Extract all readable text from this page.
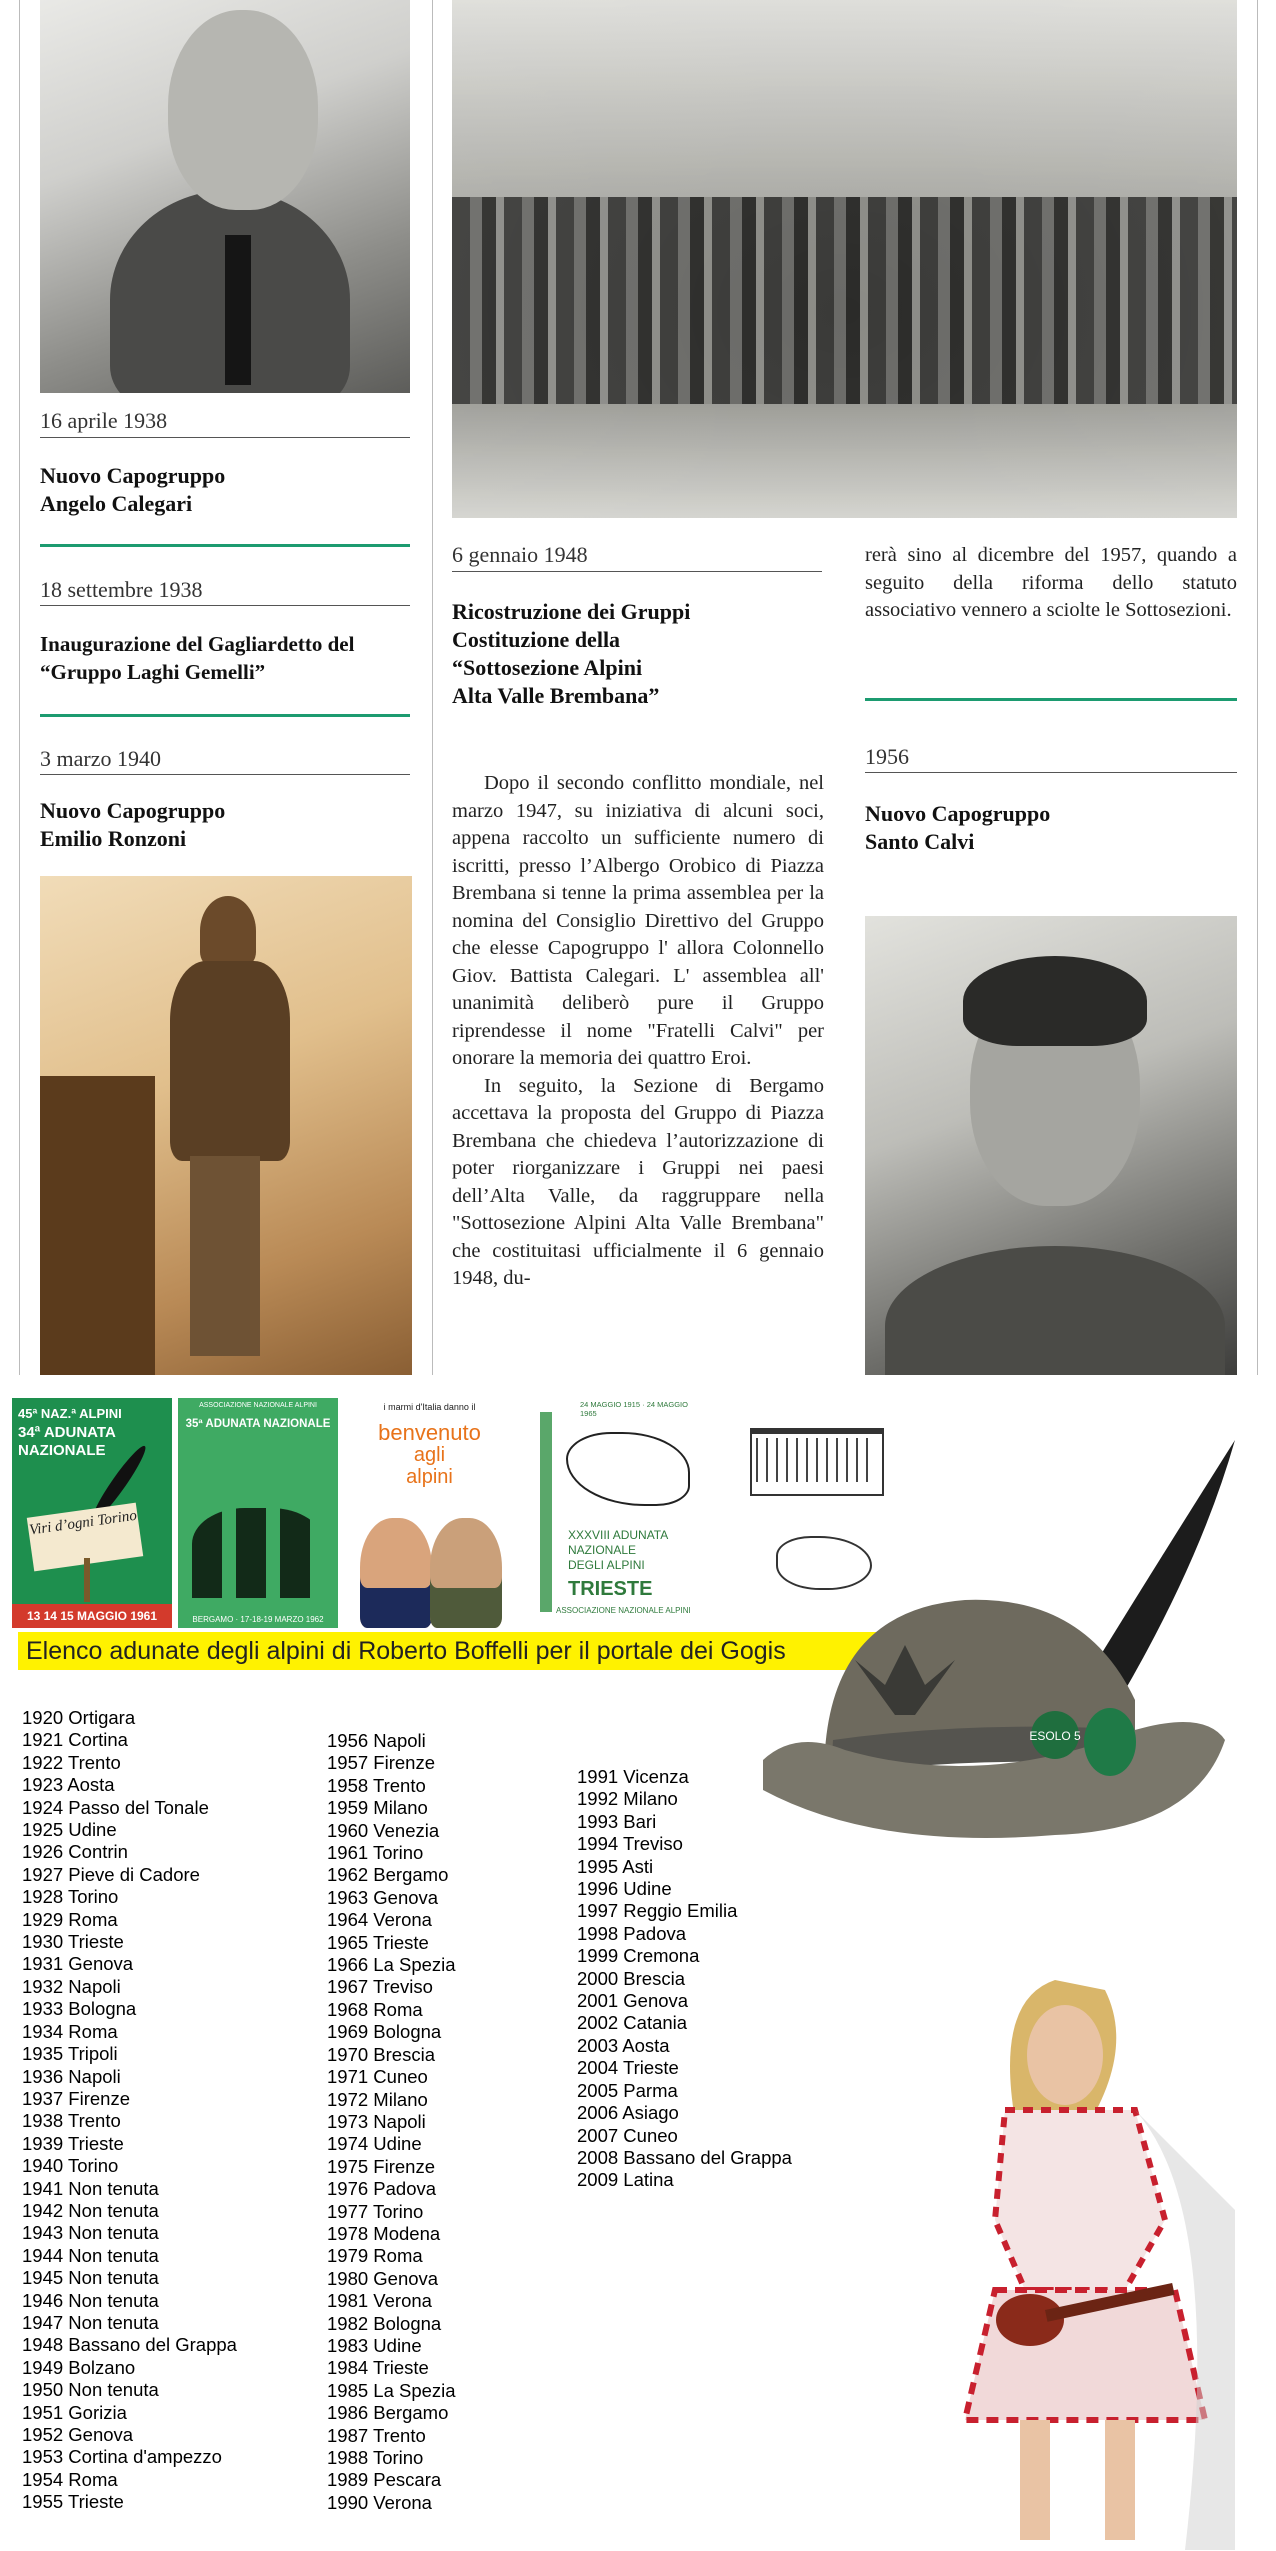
16 aprile 1938
Nuovo Capogruppo
Angelo Calegari
18 settembre 1938
Inaugurazione del Gagliardetto del
“Gruppo Laghi Gemelli”
3 marzo 1940
Nuovo Capogruppo
Emilio Ronzoni
6 gennaio 1948
Ricostruzione dei Gruppi
Costituzione della
“Sottosezione Alpini
Alta Valle Brembana”

Dopo il secondo conflitto mondiale, nel marzo 1947, su iniziativa di alcuni soci, appena raccolto un sufficiente numero di iscritti, presso l’Albergo Orobico di Piazza Brembana si tenne la prima assemblea per la nomina del Consiglio Direttivo del Gruppo che elesse Capogruppo l' allora Colonnello Giov. Battista Calegari. L' assemblea all' unanimità deliberò pure il Gruppo riprendesse il nome "Fratelli Calvi" per onorare la memoria dei quattro Eroi.

In seguito, la Sezione di Bergamo accettava la proposta del Gruppo di Piazza Brembana che chiedeva l’autorizzazione di poter riorganizzare i Gruppi nei paesi dell’Alta Valle, da raggruppare nella "Sottosezione Alpini Alta Valle Brembana" che costituitasi ufficialmente il 6 gennaio 1948, du-

rerà sino al dicembre del 1957, quando a seguito della riforma dello statuto associativo vennero a sciolte le Sottosezioni.
1956
Nuovo Capogruppo
Santo Calvi
45ª NAZ.ª ALPINI
34ª ADUNATA
NAZIONALE
Viri d’ogni Torino
13 14 15 MAGGIO 1961
ASSOCIAZIONE NAZIONALE ALPINI
35ª ADUNATA NAZIONALE
BERGAMO · 17-18-19 MARZO 1962
i marmi d'Italia danno il
benvenuto
agli
alpini
24 MAGGIO 1915 · 24 MAGGIO 1965
XXXVIII ADUNATA
NAZIONALE
DEGLI ALPINI
TRIESTE
ASSOCIAZIONE NAZIONALE ALPINI
Elenco adunate degli alpini di Roberto Boffelli per il portale dei Gogis
ESOLO 5
1920 Ortigara
1921 Cortina
1922 Trento
1923 Aosta
1924 Passo del Tonale
1925 Udine
1926 Contrin
1927 Pieve di Cadore
1928 Torino
1929 Roma
1930 Trieste
1931 Genova
1932 Napoli
1933 Bologna
1934 Roma
1935 Tripoli
1936 Napoli
1937 Firenze
1938 Trento
1939 Trieste
1940 Torino
1941 Non tenuta
1942 Non tenuta
1943 Non tenuta
1944 Non tenuta
1945 Non tenuta
1946 Non tenuta
1947 Non tenuta
1948 Bassano del Grappa
1949 Bolzano
1950 Non tenuta
1951 Gorizia
1952 Genova
1953 Cortina d'ampezzo
1954 Roma
1955 Trieste
1956 Napoli
1957 Firenze
1958 Trento
1959 Milano
1960 Venezia
1961 Torino
1962 Bergamo
1963 Genova
1964 Verona
1965 Trieste
1966 La Spezia
1967 Treviso
1968 Roma
1969 Bologna
1970 Brescia
1971 Cuneo
1972 Milano
1973 Napoli
1974 Udine
1975 Firenze
1976 Padova
1977 Torino
1978 Modena
1979 Roma
1980 Genova
1981 Verona
1982 Bologna
1983 Udine
1984 Trieste
1985 La Spezia
1986 Bergamo
1987 Trento
1988 Torino
1989 Pescara
1990 Verona
1991 Vicenza
1992 Milano
1993 Bari
1994 Treviso
1995 Asti
1996 Udine
1997 Reggio Emilia
1998 Padova
1999 Cremona
2000 Brescia
2001 Genova
2002 Catania
2003 Aosta
2004 Trieste
2005 Parma
2006 Asiago
2007 Cuneo
2008 Bassano del Grappa
2009 Latina
